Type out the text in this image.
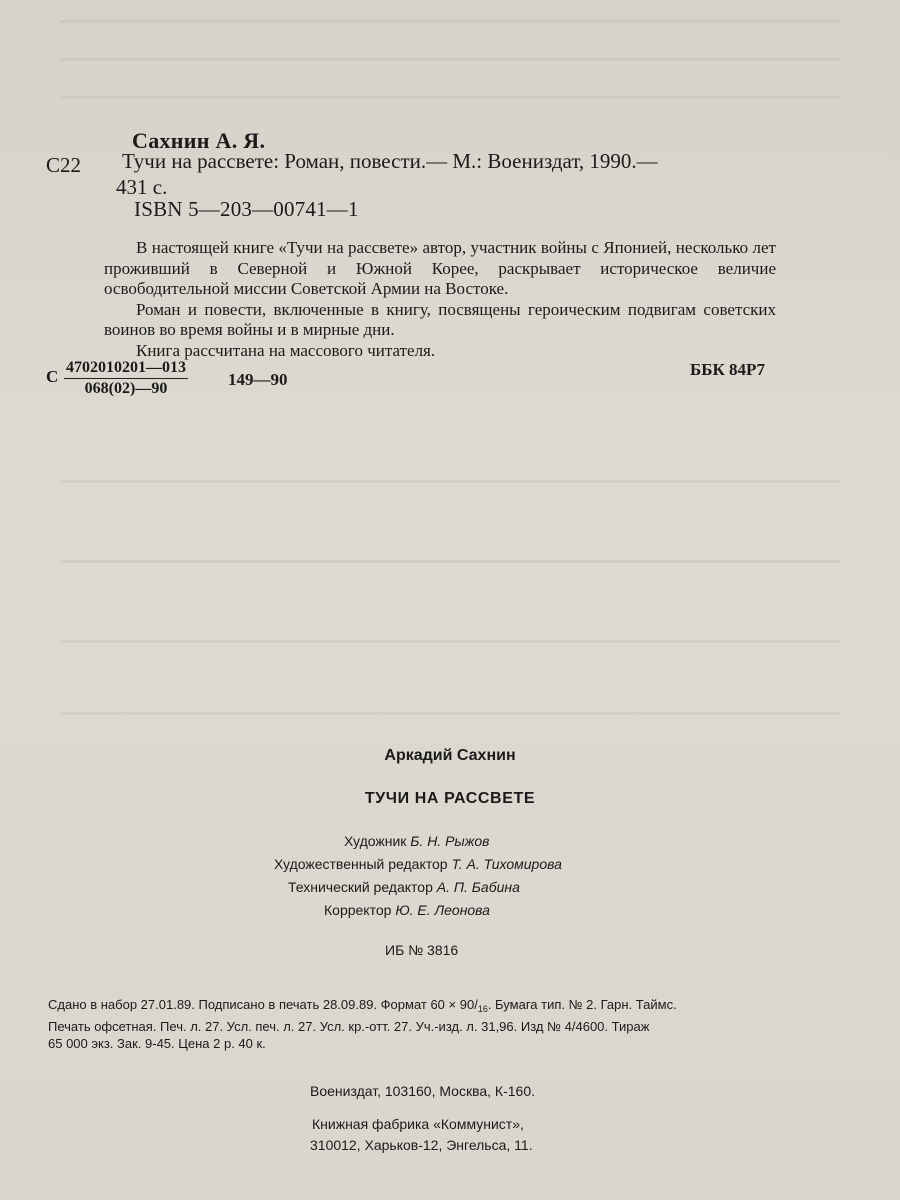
Сахнин А. Я.
С22 Тучи на рассвете: Роман, повести.— М.: Воениздат, 1990.—
431 с.
ISBN 5—203—00741—1

В настоящей книге «Тучи на рассвете» автор, участник войны с Японией, несколько лет проживший в Северной и Южной Корее, раскрывает историческое величие освободительной миссии Советской Армии на Востоке.

Роман и повести, включенные в книгу, посвящены героическим подвигам советских воинов во время войны и в мирные дни.

Книга рассчитана на массового читателя.

С $\frac{4702010201—013}{068(02)—90}$ 149—90
ББК 84Р7
Аркадий Сахнин
ТУЧИ НА РАССВЕТЕ
Художник Б. Н. Рыжов
Художественный редактор Т. А. Тихомирова
Технический редактор А. П. Бабина
Корректор Ю. Е. Леонова
ИБ № 3816
Сдано в набор 27.01.89. Подписано в печать 28.09.89. Формат $60 \times 90/_{16}$. Бумага тип. № 2. Гарн. Таймс.
Печать офсетная. Печ. л. 27. Усл. печ. л. 27. Усл. кр.-отт. 27. Уч.-изд. л. 31,96. Изд № 4/4600. Тираж
65 000 экз. Зак. 9-45. Цена 2 р. 40 к.
Воениздат, 103160, Москва, К-160.
Книжная фабрика «Коммунист»,
310012, Харьков-12, Энгельса, 11.
